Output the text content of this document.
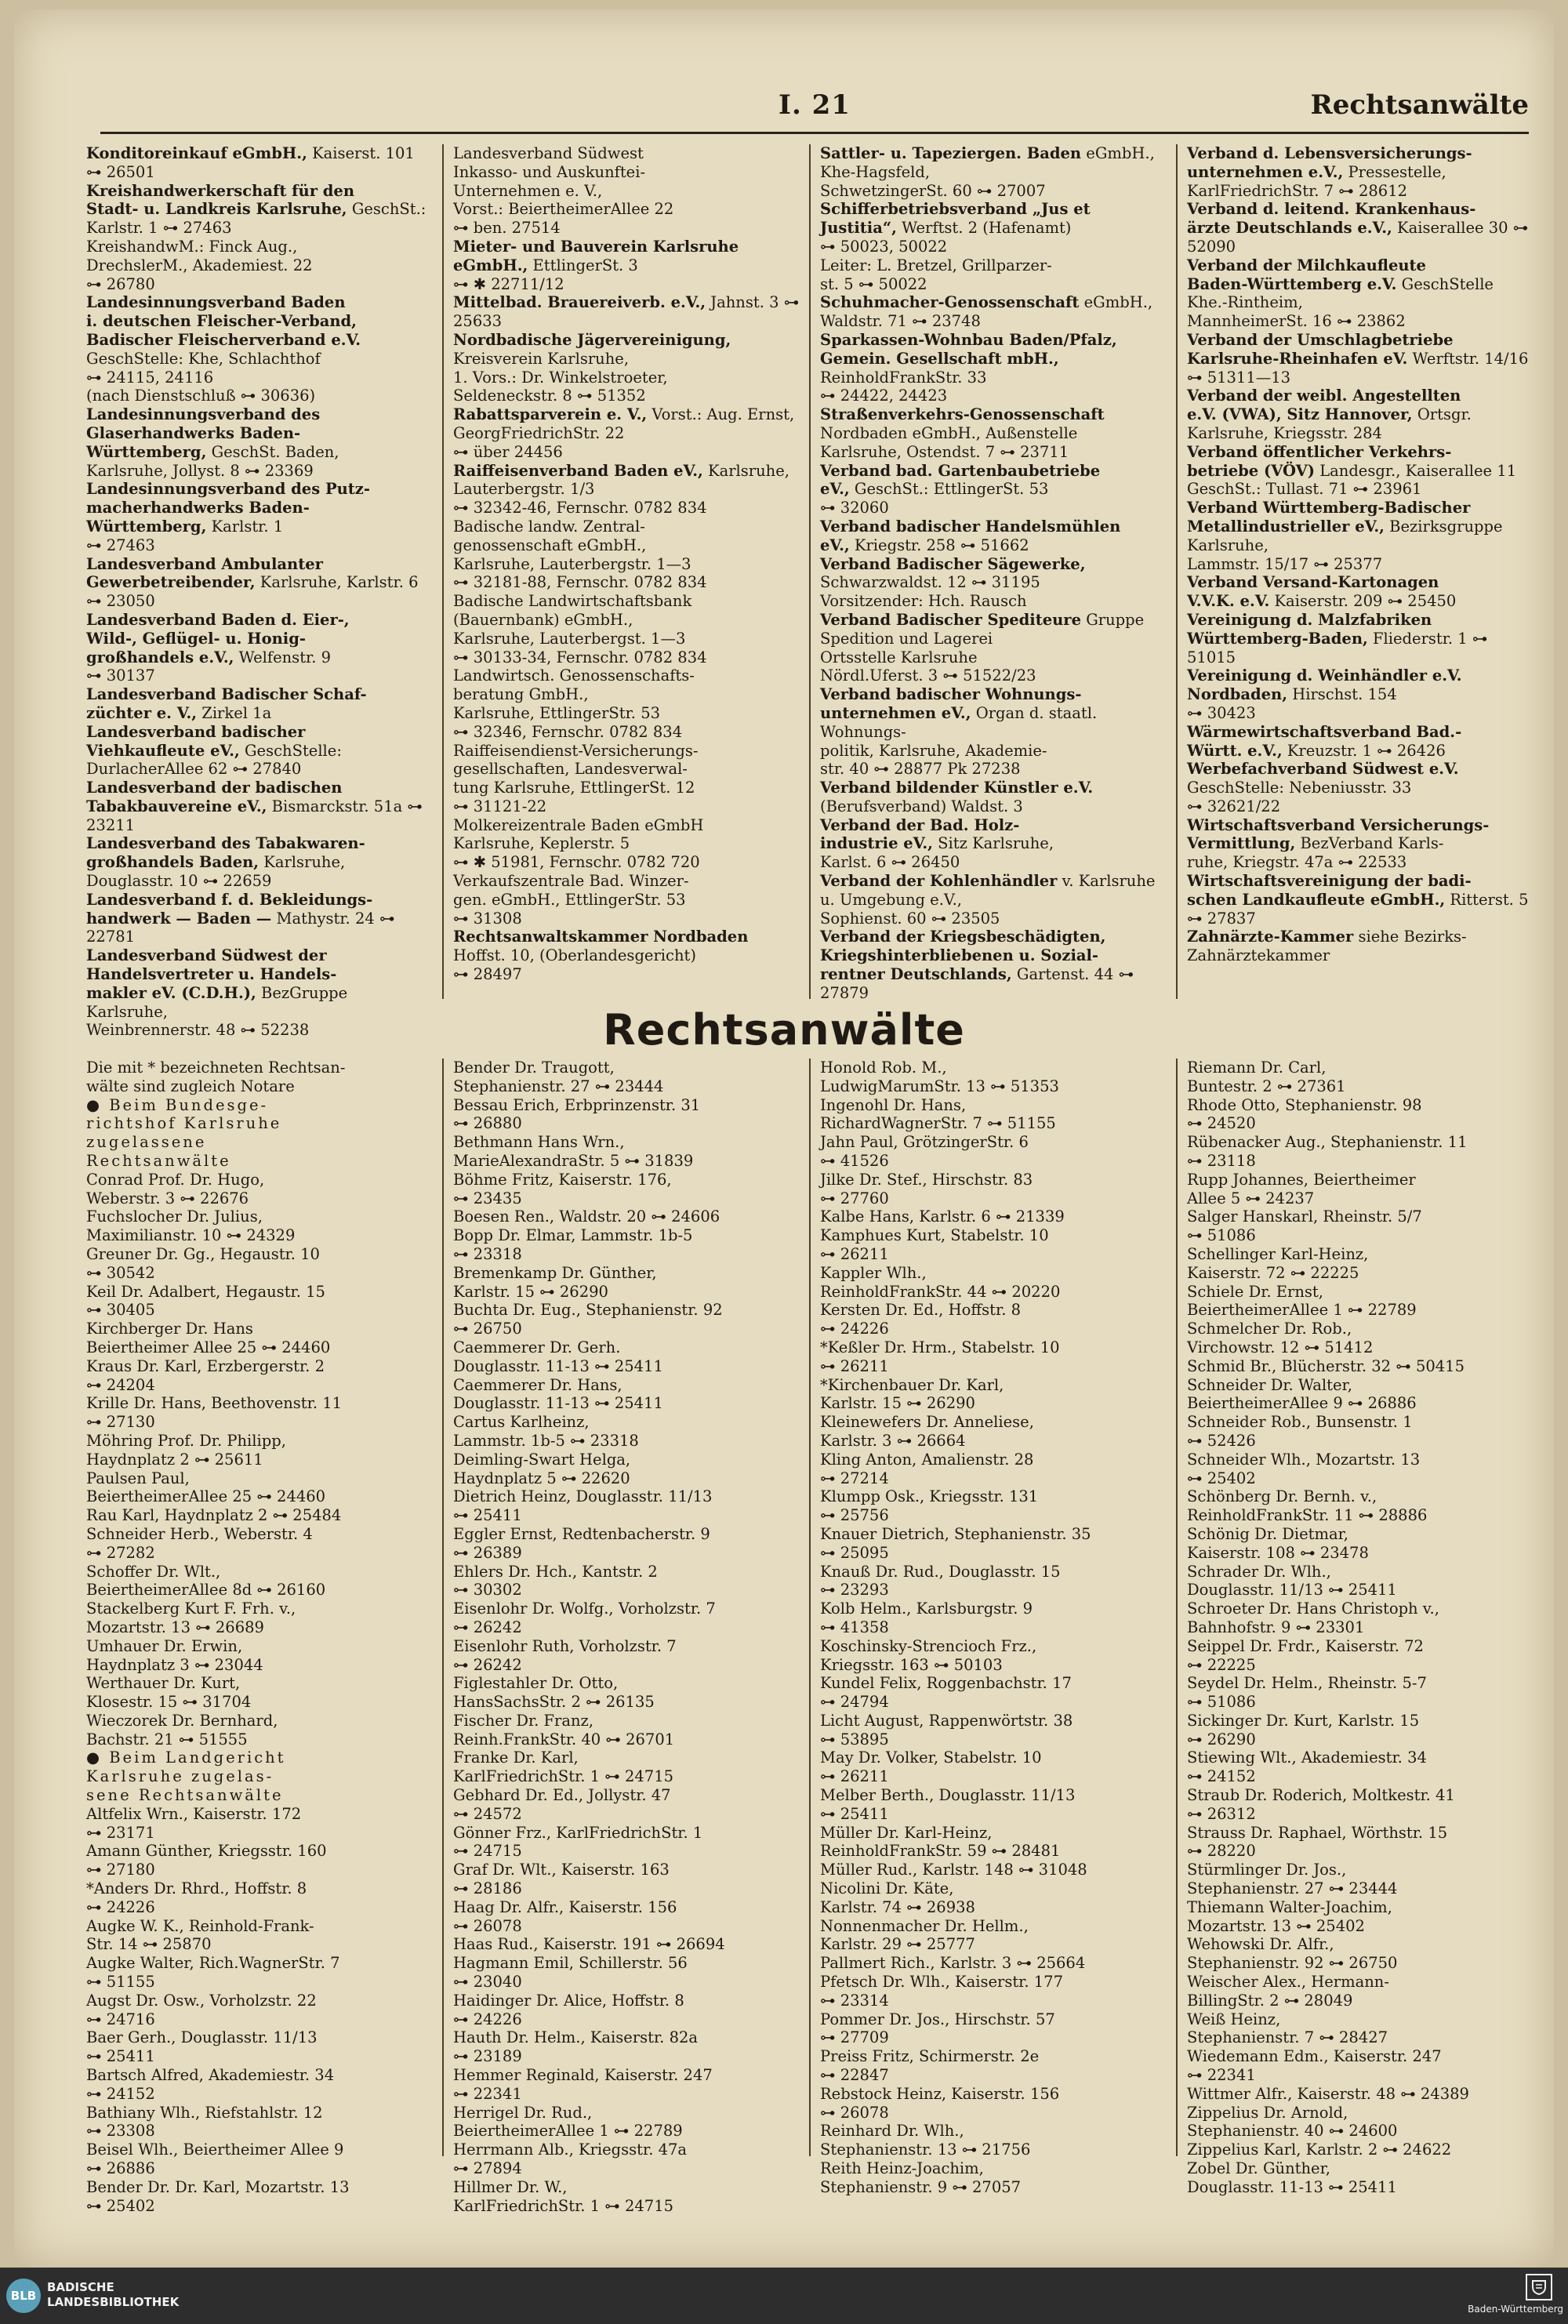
I. 21	Rechtsanwälte
Konditoreinkauf eGmbH., Kaiserst. 101 ⊶ 26501
Kreishandwerkerschaft für den
Stadt- u. Landkreis Karlsruhe, GeschSt.: Karlstr. 1 ⊶ 27463
KreishandwM.: Finck Aug.,
DrechslerM., Akademiest. 22
⊶ 26780
Landesinnungsverband Baden
i. deutschen Fleischer-Verband,
Badischer Fleischerverband e.V. GeschStelle: Khe, Schlachthof
⊶ 24115, 24116
(nach Dienstschluß ⊶ 30636)
Landesinnungsverband des
Glaserhandwerks Baden-
Württemberg, GeschSt. Baden,
Karlsruhe, Jollyst. 8 ⊶ 23369
Landesinnungsverband des Putz-
macherhandwerks Baden-
Württemberg, Karlstr. 1
⊶ 27463
Landesverband Ambulanter
Gewerbetreibender, Karlsruhe, Karlstr. 6 ⊶ 23050
Landesverband Baden d. Eier-,
Wild-, Geflügel- u. Honig-
großhandels e.V., Welfenstr. 9
⊶ 30137
Landesverband Badischer Schaf-
züchter e. V., Zirkel 1a
Landesverband badischer
Viehkaufleute eV., GeschStelle:
DurlacherAllee 62 ⊶ 27840
Landesverband der badischen
Tabakbauvereine eV., Bismarckstr. 51a ⊶ 23211
Landesverband des Tabakwaren-
großhandels Baden, Karlsruhe, Douglasstr. 10 ⊶ 22659
Landesverband f. d. Bekleidungs-
handwerk — Baden — Mathystr. 24 ⊶ 22781
Landesverband Südwest der
Handelsvertreter u. Handels-
makler eV. (C.D.H.), BezGruppe Karlsruhe,
Weinbrennerstr. 48 ⊶ 52238
Landesverband Südwest
Inkasso- und Auskunftei-
Unternehmen e. V.,
Vorst.: BeiertheimerAllee 22
⊶ ben. 27514
Mieter- und Bauverein Karlsruhe
eGmbH., EttlingerSt. 3
⊶ ✱ 22711/12
Mittelbad. Brauereiverb. e.V., Jahnst. 3 ⊶ 25633
Nordbadische Jägervereinigung, Kreisverein Karlsruhe,
1. Vors.: Dr. Winkelstroeter,
Seldeneckstr. 8 ⊶ 51352
Rabattsparverein e. V., Vorst.: Aug. Ernst,
GeorgFriedrichStr. 22
⊶ über 24456
Raiffeisenverband Baden eV., Karlsruhe, Lauterbergstr. 1/3
⊶ 32342-46, Fernschr. 0782 834
Badische landw. Zentral-
genossenschaft eGmbH.,
Karlsruhe, Lauterbergstr. 1—3
⊶ 32181-88, Fernschr. 0782 834
Badische Landwirtschaftsbank
(Bauernbank) eGmbH.,
Karlsruhe, Lauterbergst. 1—3
⊶ 30133-34, Fernschr. 0782 834
Landwirtsch. Genossenschafts-
beratung GmbH.,
Karlsruhe, EttlingerStr. 53
⊶ 32346, Fernschr. 0782 834
Raiffeisendienst-Versicherungs-
gesellschaften, Landesverwal-
tung Karlsruhe, EttlingerSt. 12
⊶ 31121-22
Molkereizentrale Baden eGmbH
Karlsruhe, Keplerstr. 5
⊶ ✱ 51981, Fernschr. 0782 720
Verkaufszentrale Bad. Winzer-
gen. eGmbH., EttlingerStr. 53
⊶ 31308
Rechtsanwaltskammer Nordbaden Hoffst. 10, (Oberlandesgericht)
⊶ 28497
Sattler- u. Tapeziergen. Baden eGmbH., Khe-Hagsfeld,
SchwetzingerSt. 60 ⊶ 27007
Schifferbetriebsverband „Jus et
Justitia“, Werftst. 2 (Hafenamt)
⊶ 50023, 50022
Leiter: L. Bretzel, Grillparzer-
st. 5 ⊶ 50022
Schuhmacher-Genossenschaft eGmbH., Waldstr. 71 ⊶ 23748
Sparkassen-Wohnbau Baden/Pfalz,
Gemein. Gesellschaft mbH., ReinholdFrankStr. 33
⊶ 24422, 24423
Straßenverkehrs-Genossenschaft Nordbaden eGmbH., Außenstelle
Karlsruhe, Ostendst. 7 ⊶ 23711
Verband bad. Gartenbaubetriebe
eV., GeschSt.: EttlingerSt. 53
⊶ 32060
Verband badischer Handelsmühlen
eV., Kriegstr. 258 ⊶ 51662
Verband Badischer Sägewerke, Schwarzwaldst. 12 ⊶ 31195
Vorsitzender: Hch. Rausch
Verband Badischer Spediteure Gruppe Spedition und Lagerei
Ortsstelle Karlsruhe
Nördl.Uferst. 3 ⊶ 51522/23
Verband badischer Wohnungs-
unternehmen eV., Organ d. staatl. Wohnungs-
politik, Karlsruhe, Akademie-
str. 40 ⊶ 28877 Pk 27238
Verband bildender Künstler e.V. (Berufsverband) Waldst. 3
Verband der Bad. Holz-
industrie eV., Sitz Karlsruhe,
Karlst. 6 ⊶ 26450
Verband der Kohlenhändler v. Karlsruhe u. Umgebung e.V.,
Sophienst. 60 ⊶ 23505
Verband der Kriegsbeschädigten,
Kriegshinterbliebenen u. Sozial-
rentner Deutschlands, Gartenst. 44 ⊶ 27879
Verband d. Lebensversicherungs-
unternehmen e.V., Pressestelle,
KarlFriedrichStr. 7 ⊶ 28612
Verband d. leitend. Krankenhaus-
ärzte Deutschlands e.V., Kaiserallee 30 ⊶ 52090
Verband der Milchkaufleute
Baden-Württemberg e.V. GeschStelle Khe.-Rintheim,
MannheimerSt. 16 ⊶ 23862
Verband der Umschlagbetriebe
Karlsruhe-Rheinhafen eV. Werftstr. 14/16 ⊶ 51311—13
Verband der weibl. Angestellten
e.V. (VWA), Sitz Hannover, Ortsgr. Karlsruhe, Kriegsstr. 284
Verband öffentlicher Verkehrs-
betriebe (VÖV) Landesgr., Kaiserallee 11
GeschSt.: Tullast. 71 ⊶ 23961
Verband Württemberg-Badischer
Metallindustrieller eV., Bezirksgruppe Karlsruhe,
Lammstr. 15/17 ⊶ 25377
Verband Versand-Kartonagen
V.V.K. e.V. Kaiserstr. 209 ⊶ 25450
Vereinigung d. Malzfabriken
Württemberg-Baden, Fliederstr. 1 ⊶ 51015
Vereinigung d. Weinhändler e.V.
Nordbaden, Hirschst. 154
⊶ 30423
Wärmewirtschaftsverband Bad.-
Württ. e.V., Kreuzstr. 1 ⊶ 26426
Werbefachverband Südwest e.V. GeschStelle: Nebeniusstr. 33
⊶ 32621/22
Wirtschaftsverband Versicherungs-
Vermittlung, BezVerband Karls-
ruhe, Kriegstr. 47a ⊶ 22533
Wirtschaftsvereinigung der badi-
schen Landkaufleute eGmbH., Ritterst. 5 ⊶ 27837
Zahnärzte-Kammer siehe Bezirks-Zahnärztekammer
Rechtsanwälte
Die mit * bezeichneten Rechtsan-
wälte sind zugleich Notare
● Beim Bundesge-
richtshof Karlsruhe
zugelassene
Rechtsanwälte
Conrad Prof. Dr. Hugo,
Weberstr. 3 ⊶ 22676
Fuchslocher Dr. Julius,
Maximilianstr. 10 ⊶ 24329
Greuner Dr. Gg., Hegaustr. 10
⊶ 30542
Keil Dr. Adalbert, Hegaustr. 15
⊶ 30405
Kirchberger Dr. Hans
Beiertheimer Allee 25 ⊶ 24460
Kraus Dr. Karl, Erzbergerstr. 2
⊶ 24204
Krille Dr. Hans, Beethovenstr. 11
⊶ 27130
Möhring Prof. Dr. Philipp,
Haydnplatz 2 ⊶ 25611
Paulsen Paul,
BeiertheimerAllee 25 ⊶ 24460
Rau Karl, Haydnplatz 2 ⊶ 25484
Schneider Herb., Weberstr. 4
⊶ 27282
Schoffer Dr. Wlt.,
BeiertheimerAllee 8d ⊶ 26160
Stackelberg Kurt F. Frh. v.,
Mozartstr. 13 ⊶ 26689
Umhauer Dr. Erwin,
Haydnplatz 3 ⊶ 23044
Werthauer Dr. Kurt,
Klosestr. 15 ⊶ 31704
Wieczorek Dr. Bernhard,
Bachstr. 21 ⊶ 51555
● Beim Landgericht
Karlsruhe zugelas-
sene Rechtsanwälte
Altfelix Wrn., Kaiserstr. 172
⊶ 23171
Amann Günther, Kriegsstr. 160
⊶ 27180
*Anders Dr. Rhrd., Hoffstr. 8
⊶ 24226
Augke W. K., Reinhold-Frank-
Str. 14 ⊶ 25870
Augke Walter, Rich.WagnerStr. 7
⊶ 51155
Augst Dr. Osw., Vorholzstr. 22
⊶ 24716
Baer Gerh., Douglasstr. 11/13
⊶ 25411
Bartsch Alfred, Akademiestr. 34
⊶ 24152
Bathiany Wlh., Riefstahlstr. 12
⊶ 23308
Beisel Wlh., Beiertheimer Allee 9
⊶ 26886
Bender Dr. Dr. Karl, Mozartstr. 13
⊶ 25402
Bender Dr. Traugott,
Stephanienstr. 27 ⊶ 23444
Bessau Erich, Erbprinzenstr. 31
⊶ 26880
Bethmann Hans Wrn.,
MarieAlexandraStr. 5 ⊶ 31839
Böhme Fritz, Kaiserstr. 176,
⊶ 23435
Boesen Ren., Waldstr. 20 ⊶ 24606
Bopp Dr. Elmar, Lammstr. 1b-5
⊶ 23318
Bremenkamp Dr. Günther,
Karlstr. 15 ⊶ 26290
Buchta Dr. Eug., Stephanienstr. 92
⊶ 26750
Caemmerer Dr. Gerh.
Douglasstr. 11-13 ⊶ 25411
Caemmerer Dr. Hans,
Douglasstr. 11-13 ⊶ 25411
Cartus Karlheinz,
Lammstr. 1b-5 ⊶ 23318
Deimling-Swart Helga,
Haydnplatz 5 ⊶ 22620
Dietrich Heinz, Douglasstr. 11/13
⊶ 25411
Eggler Ernst, Redtenbacherstr. 9
⊶ 26389
Ehlers Dr. Hch., Kantstr. 2
⊶ 30302
Eisenlohr Dr. Wolfg., Vorholzstr. 7
⊶ 26242
Eisenlohr Ruth, Vorholzstr. 7
⊶ 26242
Figlestahler Dr. Otto,
HansSachsStr. 2 ⊶ 26135
Fischer Dr. Franz,
Reinh.FrankStr. 40 ⊶ 26701
Franke Dr. Karl,
KarlFriedrichStr. 1 ⊶ 24715
Gebhard Dr. Ed., Jollystr. 47
⊶ 24572
Gönner Frz., KarlFriedrichStr. 1
⊶ 24715
Graf Dr. Wlt., Kaiserstr. 163
⊶ 28186
Haag Dr. Alfr., Kaiserstr. 156
⊶ 26078
Haas Rud., Kaiserstr. 191 ⊶ 26694
Hagmann Emil, Schillerstr. 56
⊶ 23040
Haidinger Dr. Alice, Hoffstr. 8
⊶ 24226
Hauth Dr. Helm., Kaiserstr. 82a
⊶ 23189
Hemmer Reginald, Kaiserstr. 247
⊶ 22341
Herrigel Dr. Rud.,
BeiertheimerAllee 1 ⊶ 22789
Herrmann Alb., Kriegsstr. 47a
⊶ 27894
Hillmer Dr. W.,
KarlFriedrichStr. 1 ⊶ 24715
Honold Rob. M.,
LudwigMarumStr. 13 ⊶ 51353
Ingenohl Dr. Hans,
RichardWagnerStr. 7 ⊶ 51155
Jahn Paul, GrötzingerStr. 6
⊶ 41526
Jilke Dr. Stef., Hirschstr. 83
⊶ 27760
Kalbe Hans, Karlstr. 6 ⊶ 21339
Kamphues Kurt, Stabelstr. 10
⊶ 26211
Kappler Wlh.,
ReinholdFrankStr. 44 ⊶ 20220
Kersten Dr. Ed., Hoffstr. 8
⊶ 24226
*Keßler Dr. Hrm., Stabelstr. 10
⊶ 26211
*Kirchenbauer Dr. Karl,
Karlstr. 15 ⊶ 26290
Kleinewefers Dr. Anneliese,
Karlstr. 3 ⊶ 26664
Kling Anton, Amalienstr. 28
⊶ 27214
Klumpp Osk., Kriegsstr. 131
⊶ 25756
Knauer Dietrich, Stephanienstr. 35
⊶ 25095
Knauß Dr. Rud., Douglasstr. 15
⊶ 23293
Kolb Helm., Karlsburgstr. 9
⊶ 41358
Koschinsky-Strencioch Frz.,
Kriegsstr. 163 ⊶ 50103
Kundel Felix, Roggenbachstr. 17
⊶ 24794
Licht August, Rappenwörtstr. 38
⊶ 53895
May Dr. Volker, Stabelstr. 10
⊶ 26211
Melber Berth., Douglasstr. 11/13
⊶ 25411
Müller Dr. Karl-Heinz,
ReinholdFrankStr. 59 ⊶ 28481
Müller Rud., Karlstr. 148 ⊶ 31048
Nicolini Dr. Käte,
Karlstr. 74 ⊶ 26938
Nonnenmacher Dr. Hellm.,
Karlstr. 29 ⊶ 25777
Pallmert Rich., Karlstr. 3 ⊶ 25664
Pfetsch Dr. Wlh., Kaiserstr. 177
⊶ 23314
Pommer Dr. Jos., Hirschstr. 57
⊶ 27709
Preiss Fritz, Schirmerstr. 2e
⊶ 22847
Rebstock Heinz, Kaiserstr. 156
⊶ 26078
Reinhard Dr. Wlh.,
Stephanienstr. 13 ⊶ 21756
Reith Heinz-Joachim,
Stephanienstr. 9 ⊶ 27057
Riemann Dr. Carl,
Buntestr. 2 ⊶ 27361
Rhode Otto, Stephanienstr. 98
⊶ 24520
Rübenacker Aug., Stephanienstr. 11
⊶ 23118
Rupp Johannes, Beiertheimer
Allee 5 ⊶ 24237
Salger Hanskarl, Rheinstr. 5/7
⊶ 51086
Schellinger Karl-Heinz,
Kaiserstr. 72 ⊶ 22225
Schiele Dr. Ernst,
BeiertheimerAllee 1 ⊶ 22789
Schmelcher Dr. Rob.,
Virchowstr. 12 ⊶ 51412
Schmid Br., Blücherstr. 32 ⊶ 50415
Schneider Dr. Walter,
BeiertheimerAllee 9 ⊶ 26886
Schneider Rob., Bunsenstr. 1
⊶ 52426
Schneider Wlh., Mozartstr. 13
⊶ 25402
Schönberg Dr. Bernh. v.,
ReinholdFrankStr. 11 ⊶ 28886
Schönig Dr. Dietmar,
Kaiserstr. 108 ⊶ 23478
Schrader Dr. Wlh.,
Douglasstr. 11/13 ⊶ 25411
Schroeter Dr. Hans Christoph v.,
Bahnhofstr. 9 ⊶ 23301
Seippel Dr. Frdr., Kaiserstr. 72
⊶ 22225
Seydel Dr. Helm., Rheinstr. 5-7
⊶ 51086
Sickinger Dr. Kurt, Karlstr. 15
⊶ 26290
Stiewing Wlt., Akademiestr. 34
⊶ 24152
Straub Dr. Roderich, Moltkestr. 41
⊶ 26312
Strauss Dr. Raphael, Wörthstr. 15
⊶ 28220
Stürmlinger Dr. Jos.,
Stephanienstr. 27 ⊶ 23444
Thiemann Walter-Joachim,
Mozartstr. 13 ⊶ 25402
Wehowski Dr. Alfr.,
Stephanienstr. 92 ⊶ 26750
Weischer Alex., Hermann-
BillingStr. 2 ⊶ 28049
Weiß Heinz,
Stephanienstr. 7 ⊶ 28427
Wiedemann Edm., Kaiserstr. 247
⊶ 22341
Wittmer Alfr., Kaiserstr. 48 ⊶ 24389
Zippelius Dr. Arnold,
Stephanienstr. 40 ⊶ 24600
Zippelius Karl, Karlstr. 2 ⊶ 24622
Zobel Dr. Günther,
Douglasstr. 11-13 ⊶ 25411
BLB
BADISCHE
LANDESBIBLIOTHEK	Baden-Württemberg
